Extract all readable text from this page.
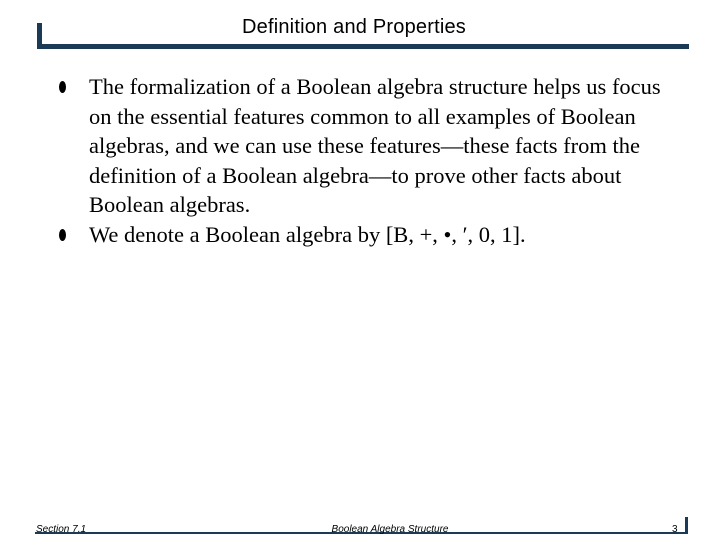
Definition and Properties
The formalization of a Boolean algebra structure helps us focus on the essential features common to all examples of Boolean algebras, and we can use these features—these facts from the definition of a Boolean algebra—to prove other facts about Boolean algebras.
We denote a Boolean algebra by [B, +, •, ′, 0, 1].
Section 7.1	Boolean Algebra Structure	3
